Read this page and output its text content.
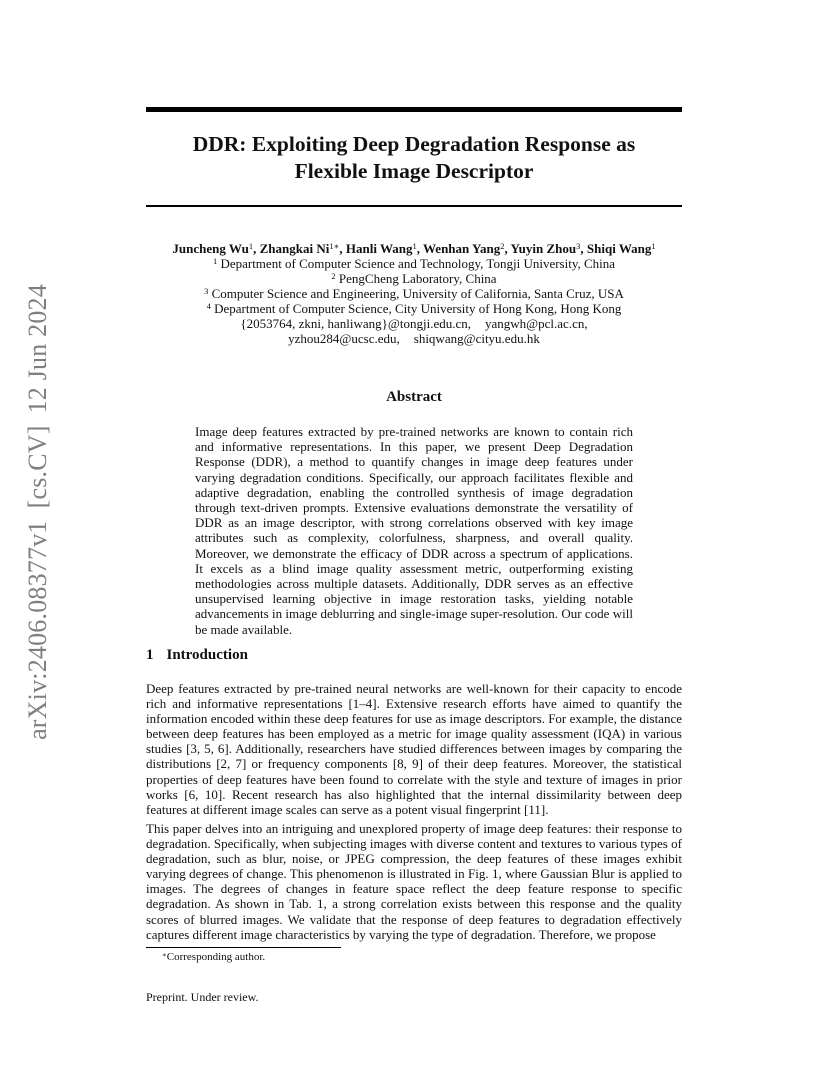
arXiv:2406.08377v1[cs.CV]12 Jun 2024
DDR: Exploiting Deep Degradation Response as
Flexible Image Descriptor
Juncheng Wu$^1$, Zhangkai $Ni^{1∗}$, Hanli Wang$^1$, Wenhan Yang$^2$, Yuyin Zhou$^3$, Shiqi Wang$^1$
$^1$ Department of Computer Science and Technology, Tongji University, China
$^2$ PengCheng Laboratory, China
$^3$ Computer Science and Engineering, University of California, Santa Cruz, USA
$^4$ Department of Computer Science, City University of Hong Kong, Hong Kong
{2053764, zkni, hanliwang}@tongji.edu.cn, yangwh@pcl.ac.cn,
yzhou284@ucsc.edu, shiqwang@cityu.edu.hk
Abstract
Image deep features extracted by pre-trained networks are known to contain rich and informative representations. In this paper, we present Deep Degradation Response (DDR), a method to quantify changes in image deep features under varying degradation conditions. Specifically, our approach facilitates flexible and adaptive degradation, enabling the controlled synthesis of image degradation through text-driven prompts. Extensive evaluations demonstrate the versatility of DDR as an image descriptor, with strong correlations observed with key image attributes such as complexity, colorfulness, sharpness, and overall quality. Moreover, we demonstrate the efficacy of DDR across a spectrum of applications. It excels as a blind image quality assessment metric, outperforming existing methodologies across multiple datasets. Additionally, DDR serves as an effective unsupervised learning objective in image restoration tasks, yielding notable advancements in image deblurring and single-image super-resolution. Our code will be made available.
1 Introduction
Deep features extracted by pre-trained neural networks are well-known for their capacity to encode rich and informative representations [1–4]. Extensive research efforts have aimed to quantify the information encoded within these deep features for use as image descriptors. For example, the distance between deep features has been employed as a metric for image quality assessment (IQA) in various studies [3, 5, 6]. Additionally, researchers have studied differences between images by comparing the distributions [2, 7] or frequency components [8, 9] of their deep features. Moreover, the statistical properties of deep features have been found to correlate with the style and texture of images in prior works [6, 10]. Recent research has also highlighted that the internal dissimilarity between deep features at different image scales can serve as a potent visual fingerprint [11].
This paper delves into an intriguing and unexplored property of image deep features: their response to degradation. Specifically, when subjecting images with diverse content and textures to various types of degradation, such as blur, noise, or JPEG compression, the deep features of these images exhibit varying degrees of change. This phenomenon is illustrated in Fig. 1, where Gaussian Blur is applied to images. The degrees of changes in feature space reflect the deep feature response to specific degradation. As shown in Tab. 1, a strong correlation exists between this response and the quality scores of blurred images. We validate that the response of deep features to degradation effectively captures different image characteristics by varying the type of degradation. Therefore, we propose
∗Corresponding author.
Preprint. Under review.
